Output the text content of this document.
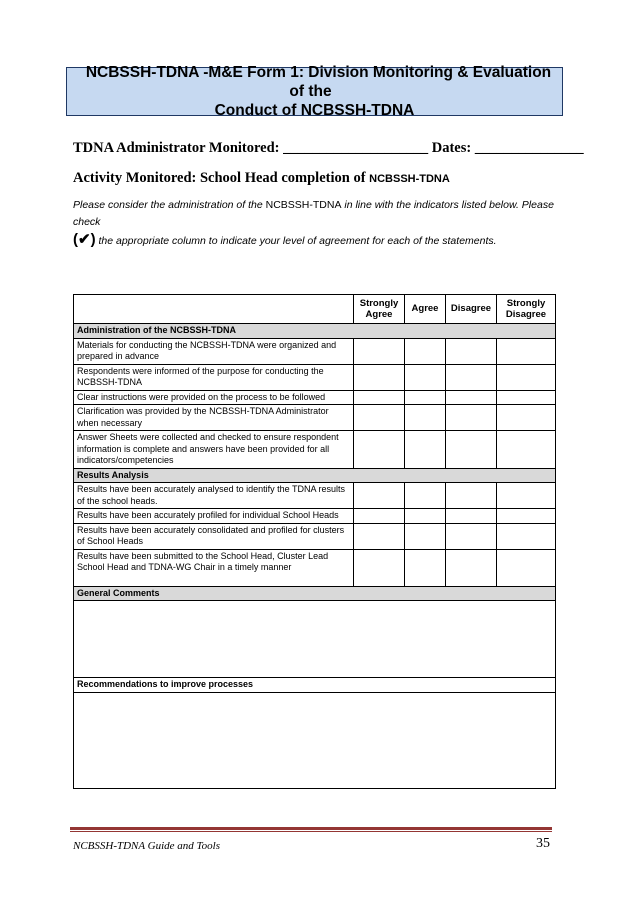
NCBSSH-TDNA -M&E Form 1: Division Monitoring & Evaluation of the
Conduct of NCBSSH-TDNA
TDNA Administrator Monitored: ____________________ Dates: _______________
Activity Monitored: School Head completion of NCBSSH-TDNA
Please consider the administration of the NCBSSH-TDNA in line with the indicators listed below. Please check
(✔) the appropriate column to indicate your level of agreement for each of the statements.
	Strongly Agree	Agree	Disagree	Strongly Disagree
Administration of the NCBSSH-TDNA				
Materials for conducting the NCBSSH-TDNA were organized and prepared in advance				
Respondents were informed of the purpose for conducting the NCBSSH-TDNA				
Clear instructions were provided on the process to be followed				
Clarification was provided by the NCBSSH-TDNA Administrator when necessary				
Answer Sheets were collected and checked to ensure respondent information is complete and answers have been provided for all indicators/competencies				
Results Analysis				
Results have been accurately analysed to identify the TDNA results of the school heads.				
Results have been accurately profiled for individual School Heads				
Results have been accurately consolidated and profiled for clusters of School Heads				
Results have been submitted to the School Head, Cluster Lead School Head and TDNA-WG Chair in a timely manner				
General Comments				

Recommendations to improve processes				

NCBSSH-TDNA Guide and Tools	35
